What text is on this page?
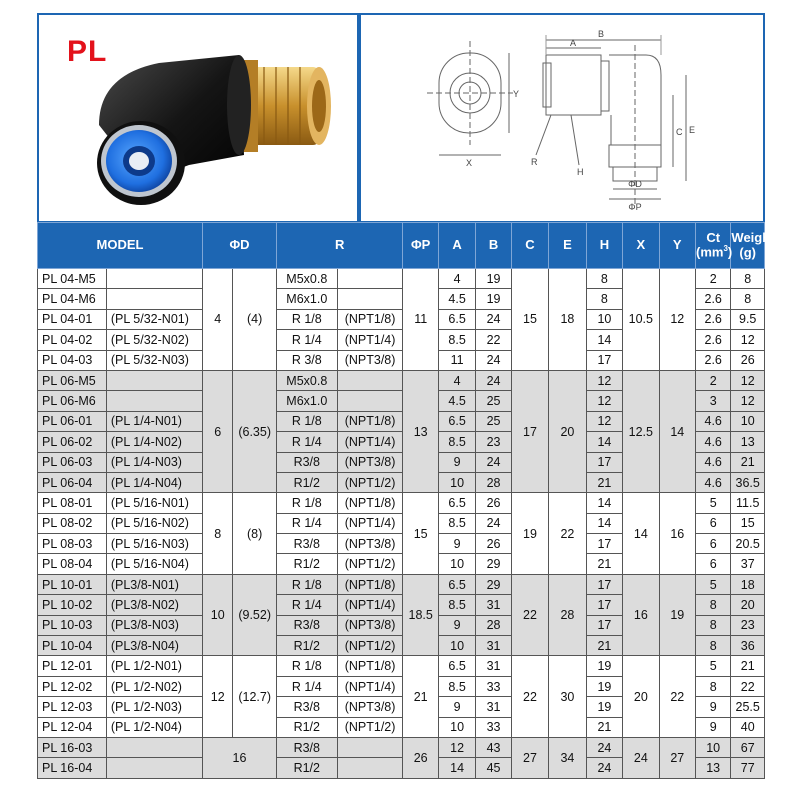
PL
X
Y
B
A
C E
R
H
ΦD
ΦP
MODEL		ΦD		R		ΦP	A	B	C	E	H	X	Y	Ct
$(mm^3)$	Weight
(g)
PL 04-M5		4	(4)	M5x0.8		11	4	19	15	18	8	10.5	12	2	8
PL 04-M6				M6x1.0			4.5	19			8			2.6	8
PL 04-01	(PL 5/32-N01)			R 1/8	(NPT1/8)		6.5	24			10			2.6	9.5
PL 04-02	(PL 5/32-N02)			R 1/4	(NPT1/4)		8.5	22			14			2.6	12
PL 04-03	(PL 5/32-N03)			R 3/8	(NPT3/8)		11	24			17			2.6	26
PL 06-M5		6	(6.35)	M5x0.8		13	4	24	17	20	12	12.5	14	2	12
PL 06-M6				M6x1.0			4.5	25			12			3	12
PL 06-01	(PL 1/4-N01)			R 1/8	(NPT1/8)		6.5	25			12			4.6	10
PL 06-02	(PL 1/4-N02)			R 1/4	(NPT1/4)		8.5	23			14			4.6	13
PL 06-03	(PL 1/4-N03)			R3/8	(NPT3/8)		9	24			17			4.6	21
PL 06-04	(PL 1/4-N04)			R1/2	(NPT1/2)		10	28			21			4.6	36.5
PL 08-01	(PL 5/16-N01)	8	(8)	R 1/8	(NPT1/8)	15	6.5	26	19	22	14	14	16	5	11.5
PL 08-02	(PL 5/16-N02)			R 1/4	(NPT1/4)		8.5	24			14			6	15
PL 08-03	(PL 5/16-N03)			R3/8	(NPT3/8)		9	26			17			6	20.5
PL 08-04	(PL 5/16-N04)			R1/2	(NPT1/2)		10	29			21			6	37
PL 10-01	(PL3/8-N01)	10	(9.52)	R 1/8	(NPT1/8)	18.5	6.5	29	22	28	17	16	19	5	18
PL 10-02	(PL3/8-N02)			R 1/4	(NPT1/4)		8.5	31			17			8	20
PL 10-03	(PL3/8-N03)			R3/8	(NPT3/8)		9	28			17			8	23
PL 10-04	(PL3/8-N04)			R1/2	(NPT1/2)		10	31			21			8	36
PL 12-01	(PL 1/2-N01)	12	(12.7)	R 1/8	(NPT1/8)	21	6.5	31	22	30	19	20	22	5	21
PL 12-02	(PL 1/2-N02)			R 1/4	(NPT1/4)		8.5	33			19			8	22
PL 12-03	(PL 1/2-N03)			R3/8	(NPT3/8)		9	31			19			9	25.5
PL 12-04	(PL 1/2-N04)			R1/2	(NPT1/2)		10	33			21			9	40
PL 16-03		16		R3/8		26	12	43	27	34	24	24	27	10	67
PL 16-04				R1/2			14	45			24			13	77
